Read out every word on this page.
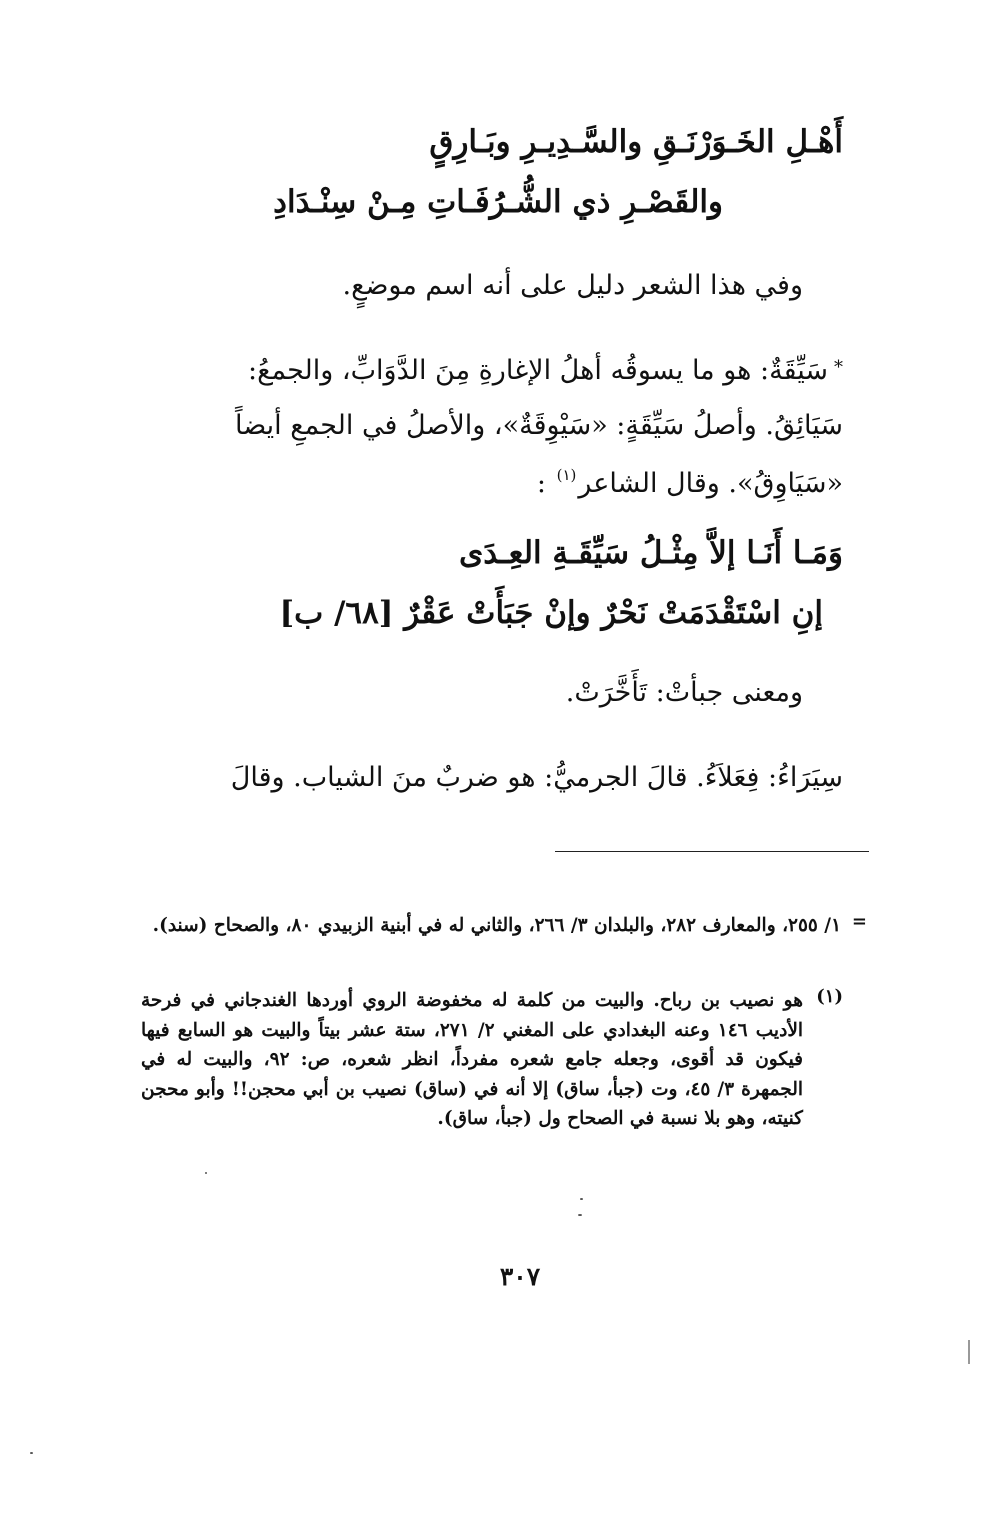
أَهْـلِ الخَـوَرْنَـقِ والسَّـدِيـرِ وبَـارِقٍ
والقَصْـرِ ذي الشُّـرُفَـاتِ مِـنْ سِنْـدَادِ
وفي هذا الشعر دليل على أنه اسم موضعٍ.
*سَيِّقَةٌ: هو ما يسوقُه أهلُ الإغارةِ مِنَ الدَّوَابِّ، والجمعُ:
سَيَائِقُ. وأصلُ سَيِّقَةٍ: «سَيْوِقَةٌ»، والأصلُ في الجمعِ أيضاً
«سَيَاوِقُ». وقال الشاعر$^{(١)}$ :
وَمَـا أَنَـا إلاَّ مِثْـلُ سَيِّقَـةِ العِـدَى
إنِ اسْتَقْدَمَتْ نَحْرٌ وإنْ جَبَأَتْ عَقْرٌ [٦٨/ ب]
ومعنى جبأتْ: تَأَخَّرَتْ.
سِيَرَاءُ: فِعَلاَءُ. قالَ الجرميُّ: هو ضربٌ منَ الشياب. وقالَ
=
١/ ٢٥٥، والمعارف ٢٨٢، والبلدان ٣/ ٢٦٦، والثاني له في أبنية الزبيدي ٨٠، والصحاح (سند).
(١)
هو نصيب بن رباح. والبيت من كلمة له مخفوضة الروي أوردها الغندجاني في فرحة الأديب ١٤٦ وعنه البغدادي على المغني ٢/ ٢٧١، ستة عشر بيتاً والبيت هو السابع فيها فيكون قد أقوى، وجعله جامع شعره مفرداً، انظر شعره، ص: ٩٢، والبيت له في الجمهرة ٣/ ٤٥، وت (جبأ، ساق) إلا أنه في (ساق) نصيب بن أبي محجن!! وأبو محجن كنيته، وهو بلا نسبة في الصحاح ول (جبأ، ساق).
٣٠٧
